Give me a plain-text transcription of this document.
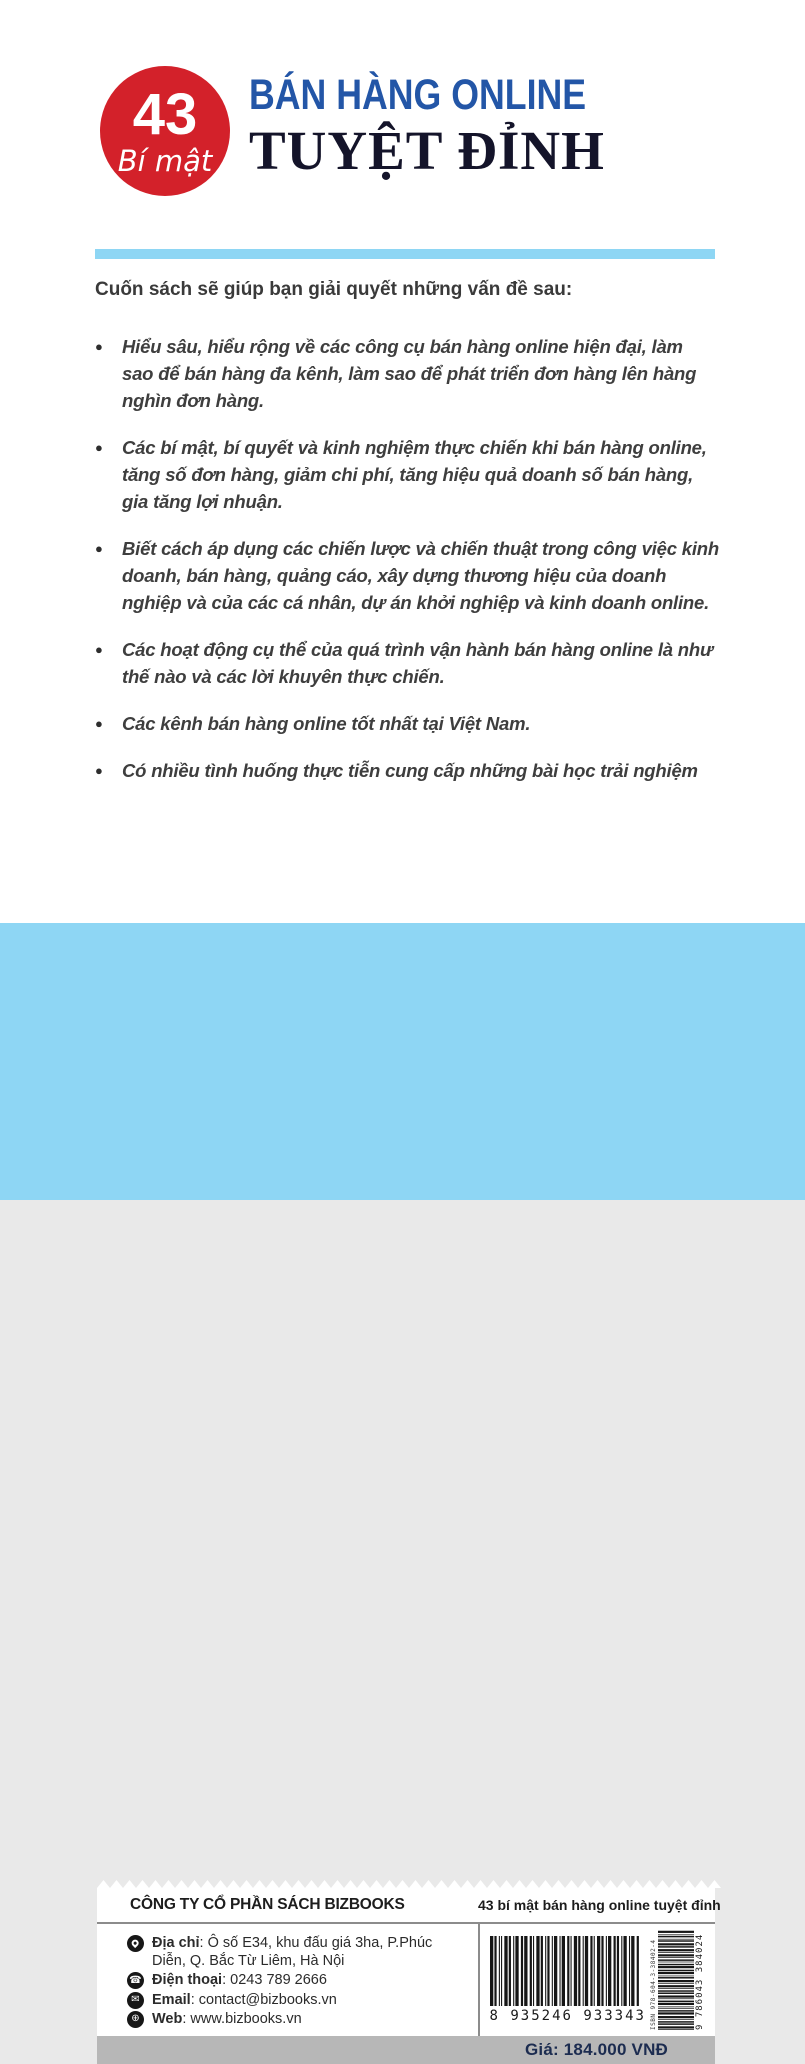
43
Bí mật
BÁN HÀNG ONLINE
TUYỆT ĐỈNH
Cuốn sách sẽ giúp bạn giải quyết những vấn đề sau:
●	Hiểu sâu, hiểu rộng về các công cụ bán hàng online hiện đại, làm sao để bán hàng đa kênh, làm sao để phát triển đơn hàng lên hàng nghìn đơn hàng.
●	Các bí mật, bí quyết và kinh nghiệm thực chiến khi bán hàng online, tăng số đơn hàng, giảm chi phí, tăng hiệu quả doanh số bán hàng, gia tăng lợi nhuận.
●	Biết cách áp dụng các chiến lược và chiến thuật trong công việc kinh doanh, bán hàng, quảng cáo, xây dựng thương hiệu của doanh nghiệp và của các cá nhân, dự án khởi nghiệp và kinh doanh online.
●	Các hoạt động cụ thể của quá trình vận hành bán hàng online là như thế nào và các lời khuyên thực chiến.
●	Các kênh bán hàng online tốt nhất tại Việt Nam.
●	Có nhiều tình huống thực tiễn cung cấp những bài học trải nghiệm
CÔNG TY CỔ PHẦN SÁCH BIZBOOKS	43 bí mật bán hàng online tuyệt đỉnh
Địa chỉ : Ô số E34, khu đấu giá 3ha, P.Phúc Diễn, Q. Bắc Từ Liêm, Hà Nội
☎ Điện thoại : 0243 789 2666
✉ Email : contact@bizbooks.vn
⊕ Web : www.bizbooks.vn	8 935246 933343 ISBN 978-604-3-38402-4	9 786043 384024
Giá: 184.000 VNĐ
